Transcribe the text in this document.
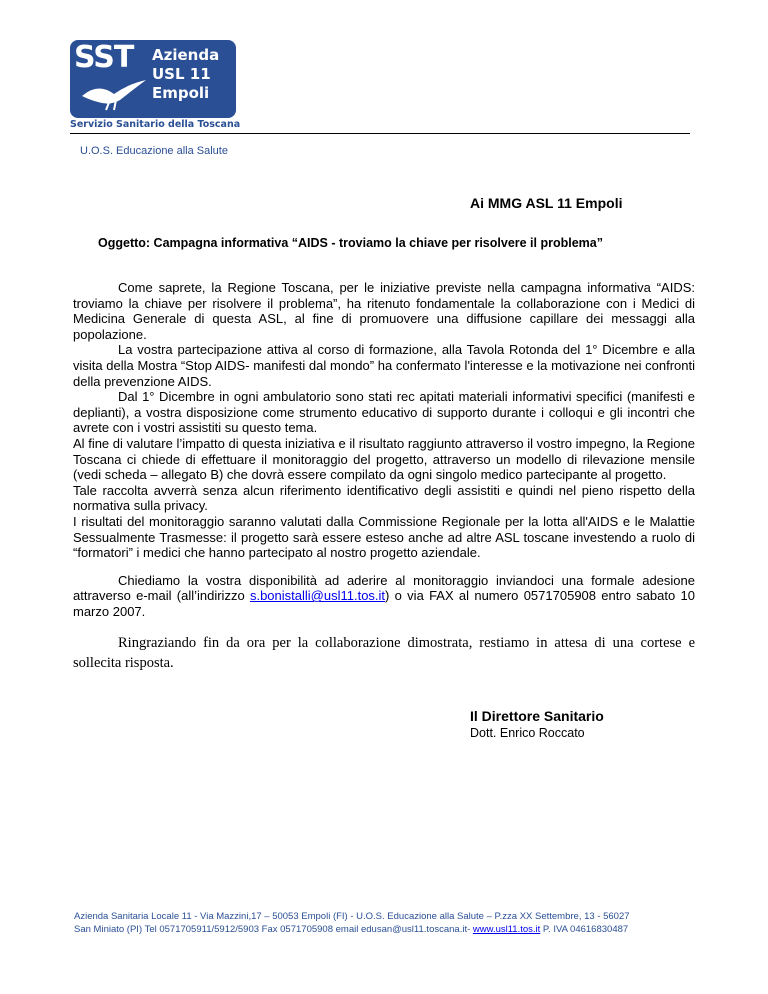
SST Azienda
USL 11
Empoli
Servizio Sanitario della Toscana
U.O.S. Educazione alla Salute
Ai MMG ASL 11 Empoli
Oggetto: Campagna informativa “AIDS - troviamo la chiave per risolvere il problema”

Come saprete, la Regione Toscana, per le iniziative previste nella campagna informativa “AIDS: troviamo la chiave per risolvere il problema”, ha ritenuto fondamentale la collaborazione con i Medici di Medicina Generale di questa ASL, al fine di promuovere una diffusione capillare dei messaggi alla popolazione.

La vostra partecipazione attiva al corso di formazione, alla Tavola Rotonda del 1° Dicembre e alla visita della Mostra “Stop AIDS- manifesti dal mondo” ha confermato l'interesse e la motivazione nei confronti della prevenzione AIDS.

Dal 1° Dicembre in ogni ambulatorio sono stati rec apitati materiali informativi specifici (manifesti e deplianti), a vostra disposizione come strumento educativo di supporto durante i colloqui e gli incontri che avrete con i vostri assistiti su questo tema.

Al fine di valutare l’impatto di questa iniziativa e il risultato raggiunto attraverso il vostro impegno, la Regione Toscana ci chiede di effettuare il monitoraggio del progetto, attraverso un modello di rilevazione mensile (vedi scheda – allegato B) che dovrà essere compilato da ogni singolo medico partecipante al progetto.

Tale raccolta avverrà senza alcun riferimento identificativo degli assistiti e quindi nel pieno rispetto della normativa sulla privacy.

I risultati del monitoraggio saranno valutati dalla Commissione Regionale per la lotta all'AIDS e le Malattie Sessualmente Trasmesse: il progetto sarà essere esteso anche ad altre ASL toscane investendo a ruolo di “formatori” i medici che hanno partecipato al nostro progetto aziendale.

Chiediamo la vostra disponibilità ad aderire al monitoraggio inviandoci una formale adesione attraverso e-mail (all’indirizzo s.bonistalli@usl11.tos.it) o via FAX al numero 0571705908 entro sabato 10 marzo 2007.

Ringraziando fin da ora per la collaborazione dimostrata, restiamo in attesa di una cortese e sollecita risposta.

Il Direttore Sanitario
Dott. Enrico Roccato

Azienda Sanitaria Locale 11 - Via Mazzini,17 – 50053 Empoli (FI) - U.O.S. Educazione alla Salute – P.zza XX Settembre, 13 - 56027

San Miniato (PI) Tel 0571705911/5912/5903 Fax 0571705908 email edusan@usl11.toscana.it- www.usl11.tos.it P. IVA 04616830487
